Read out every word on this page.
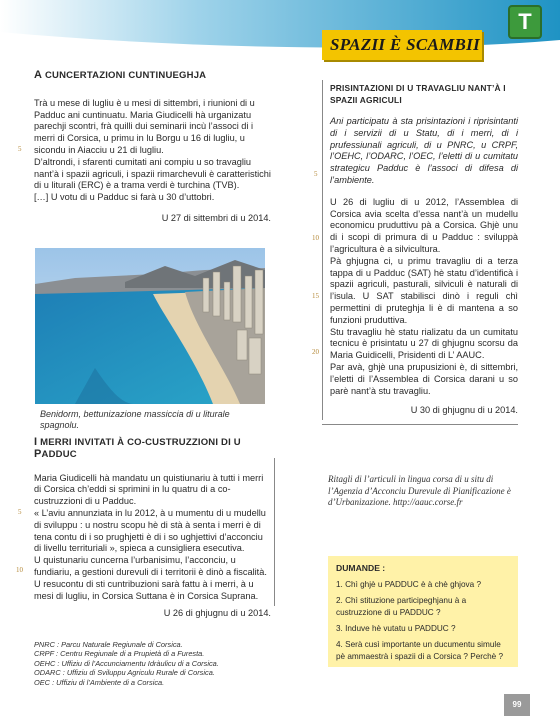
T
SPAZII È SCAMBII
A CUNCERTAZIONI CUNTINUEGHJA

Trà u mese di lugliu è u mesi di sittembri, i riunioni di u Padduc ani cuntinuatu. Maria Giudicelli hà urganizatu parechji scontri, frà quilli dui seminarii incù l’associ di i merri di Corsica, u primu in lu Borgu u 16 di lugliu, u sicondu in Aiacciu u 21 di lugliu.

D’altrondi, i sfarenti cumitati ani compiu u so travagliu nant’à i spazii agriculi, i spazii rimarchevuli è caratteristichi di u liturali (ERC) è a trama verdi è turchina (TVB).

[…] U votu di u Padduc si farà u 30 d’uttobri.

U 27 di sittembri di u 2014.

5
Benidorm, bettunizazione massiccia di u liturale spagnolu.
I MERRI INVITATI À CO-CUSTRUZZIONI DI U PADDUC

Maria Giudicelli hà mandatu un quistiunariu à tutti i merri di Corsica ch’eddi si sprimini in lu quatru di a co-custruzzioni di u Padduc.

« L’aviu annunziata in lu 2012, à u mumentu di u mudellu di sviluppu : u nostru scopu hè di stà à senta i merri è di tena contu di i so prughjetti è di i so ughjettivi d’acconciu di livellu territuriali », spieca a cunsigliera esecutiva.

U quistunariu cuncerna l’urbanisimu, l’acconciu, u fundiariu, a gestioni durevuli di i territorii è dinò a fiscalità.

U resucontu di sti cuntribuzioni sarà fattu à i merri, à u mesi di lugliu, in Corsica Suttana è in Corsica Suprana.

U 26 di ghjugnu di u 2014.

5
10
PRISINTAZIONI DI U TRAVAGLIU NANT’À I SPAZII AGRICULI

Ani participatu à sta prisintazioni i riprisintanti di i servizii di u Statu, di i merri, di i prufessiunali agriculi, di u PNRC, u CRPF, l’OEHC, l’ODARC, l’OEC, l’eletti di u cumitatu strategicu Padduc è l’associ di difesa di l’ambiente.

U 26 di lugliu di u 2012, l’Assemblea di Corsica avia scelta d’essa nant’à un mudellu economicu pruduttivu pà a Corsica. Ghjè unu di i scopi di primura di u Padduc : sviluppà l’agricultura è a silvicultura.

Pà ghjugna ci, u primu travagliu di a terza tappa di u Padduc (SAT) hè statu d’identificà i spazii agriculi, pasturali, silviculi è naturali di l’isula. U SAT stabilisci dinò i reguli chì permettini di pruteghja li è di mantena a so funzioni pruduttiva.

Stu travagliu hè statu rializatu da un cumitatu tecnicu è prisintatu u 27 di ghjugnu scorsu da Maria Guidicelli, Prisidenti di L’ AAUC.

Par avà, ghjè una prupusizioni è, di sittembri, l’eletti di l’Assemblea di Corsica darani u so parè nant’à stu travagliu.

U 30 di ghjugnu di u 2014.

5
10
15
20
Ritagli di l’articuli in lingua corsa di u situ di l’Agenzia d’Acconciu Durevule di Pianificazione è d’Urbanizazione. http://aauc.corse.fr
DUMANDE :

1. Chì ghjè u PADDUC è à chè ghjova ?

2. Chì stituzione participeghjanu à a custruzzione di u PADDUC ?

3. Induve hè vutatu u PADDUC ?

4. Serà cusì importante un ducumentu simule pè ammaestrà i spazii di a Corsica ? Perchè ?

PNRC : Parcu Naturale Regiunale di Corsica.
CRPF : Centru Regiunale di a Prupietà di a Furesta.
OEHC : Uffiziu di l’Accunciamentu Idràulicu di a Corsica.
ODARC : Uffiziu di Sviluppu Agriculu Rurale di Corsica.
OEC : Uffiziu di l’Ambiente di a Corsica.
99
